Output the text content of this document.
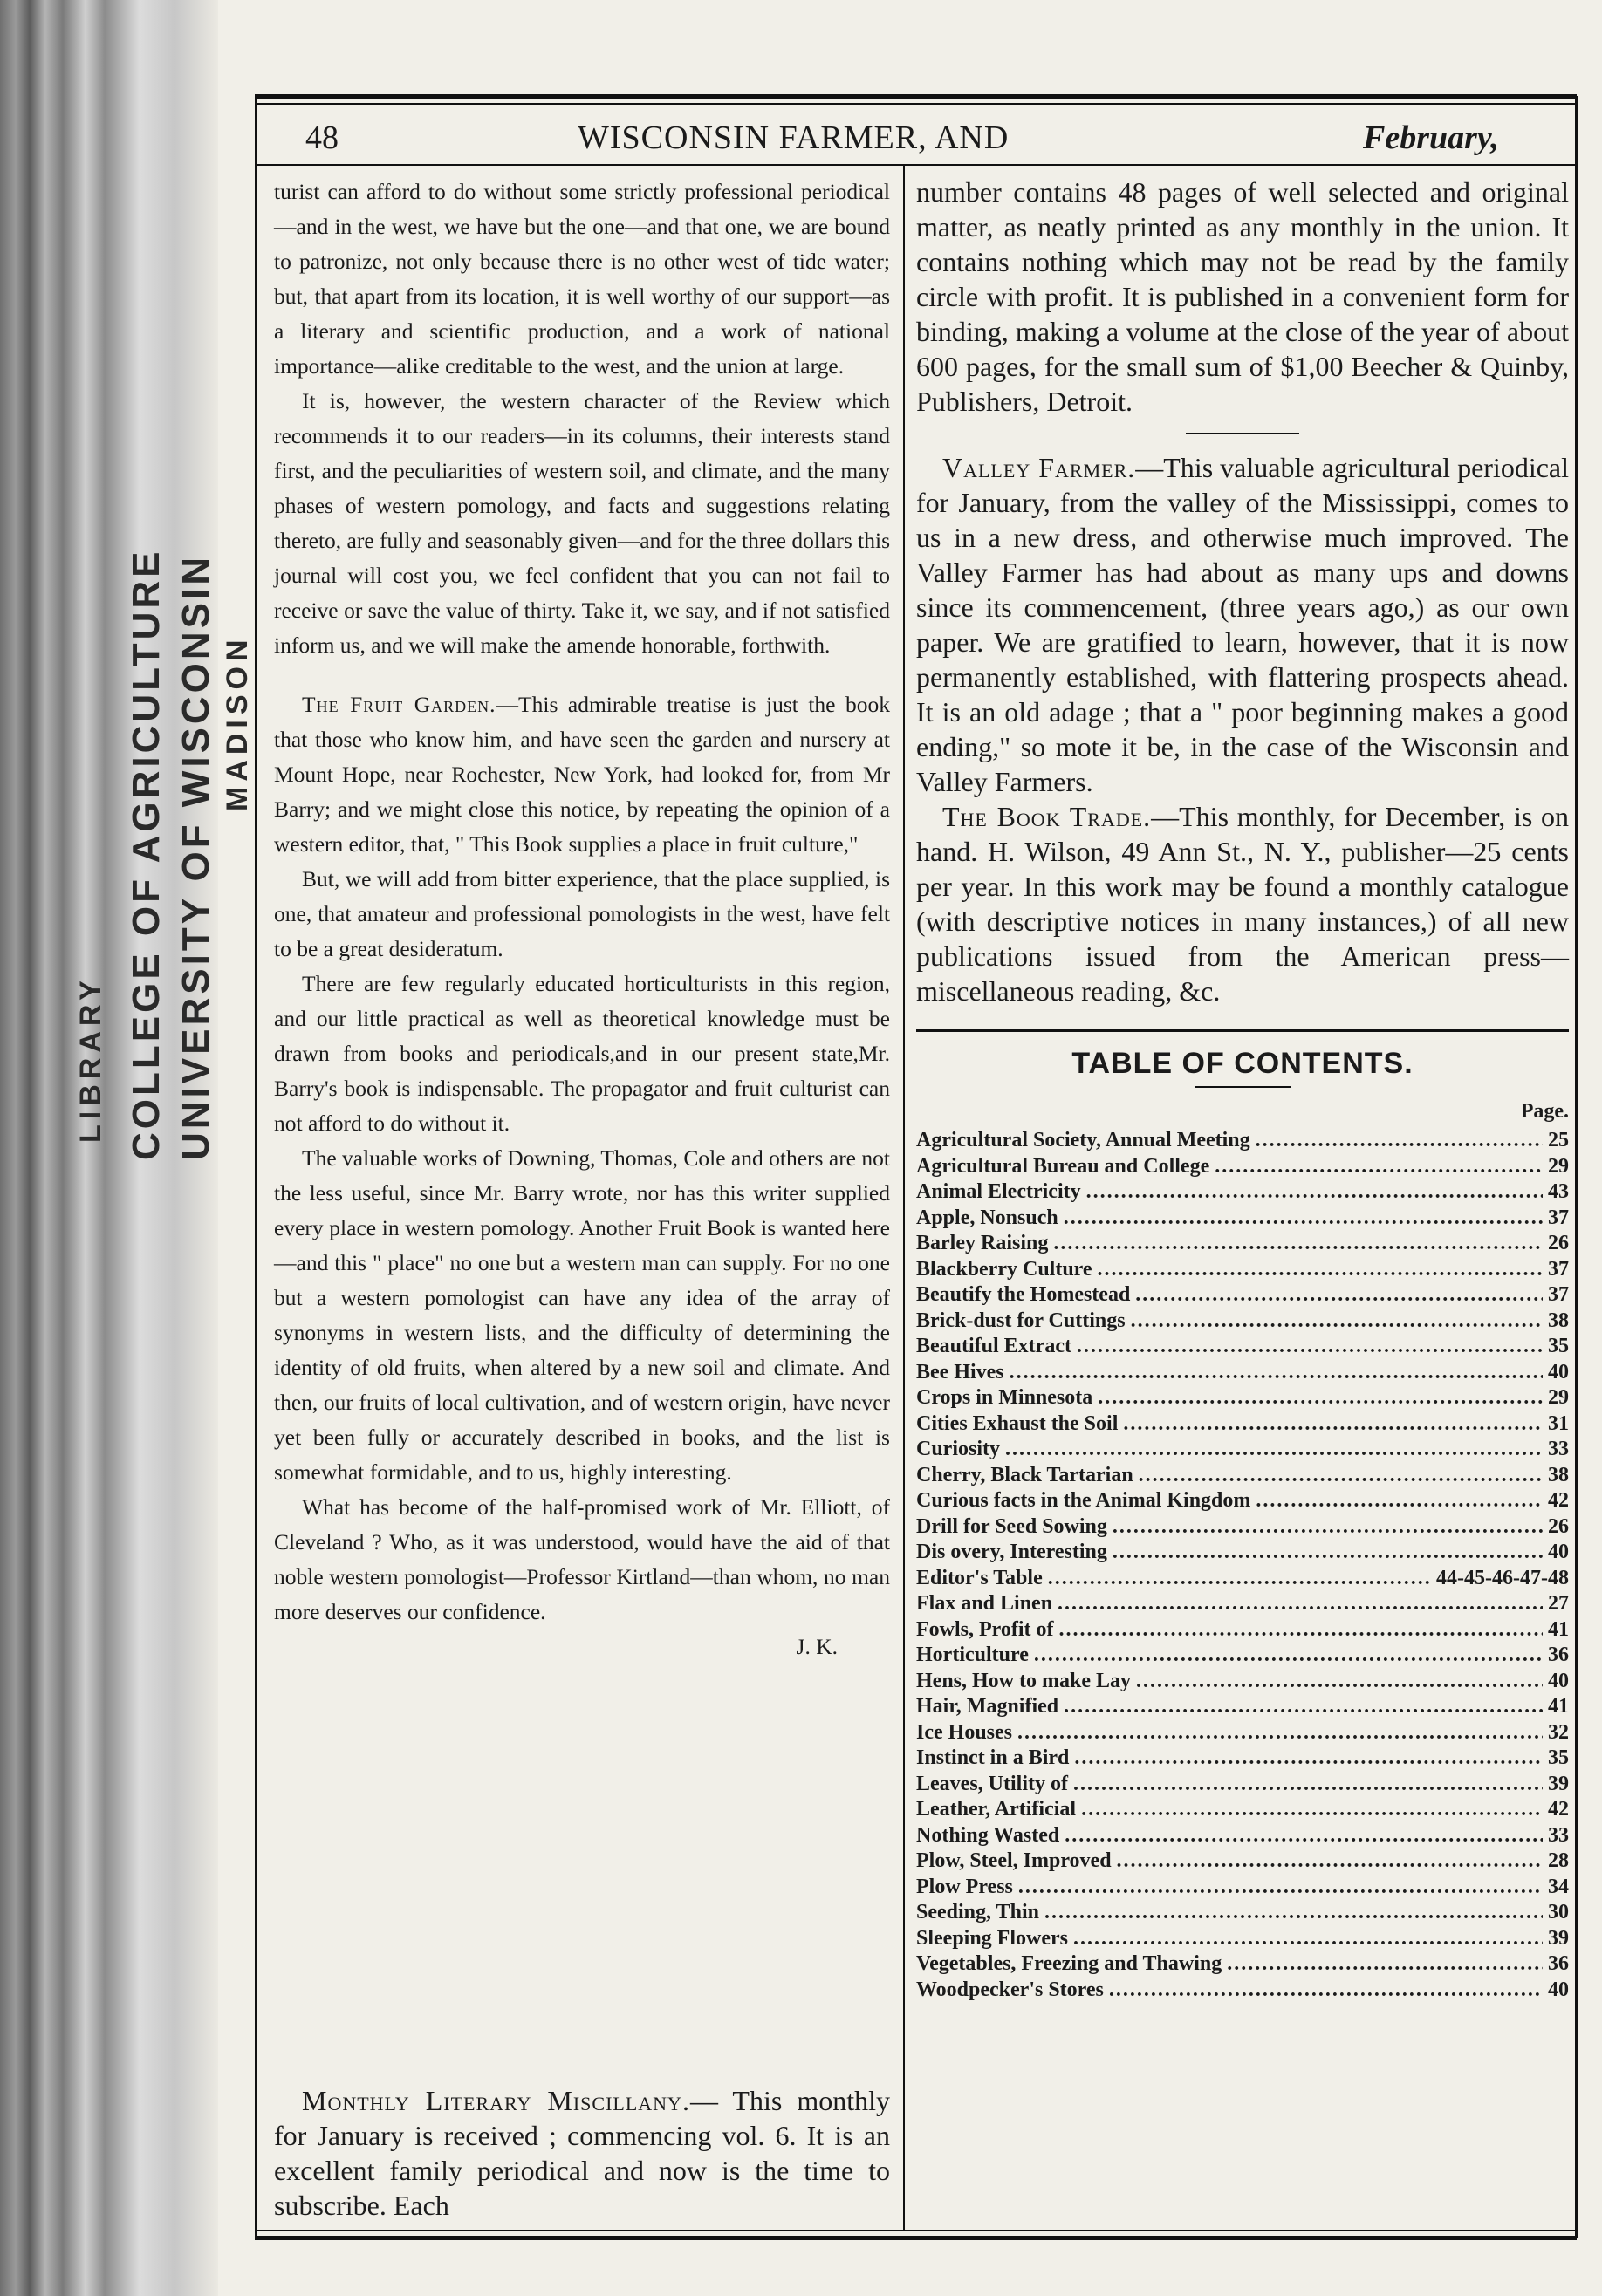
LIBRARY COLLEGE OF AGRICULTURE UNIVERSITY OF WISCONSIN MADISON
48	WISCONSIN FARMER, AND	February,

turist can afford to do without some strictly professional periodical—and in the west, we have but the one—and that one, we are bound to patronize, not only because there is no other west of tide water; but, that apart from its location, it is well worthy of our support—as a literary and scientific production, and a work of national importance—alike creditable to the west, and the union at large.

It is, however, the western character of the Review which recommends it to our readers—in its columns, their interests stand first, and the peculiarities of western soil, and climate, and the many phases of western pomology, and facts and suggestions relating thereto, are fully and seasonably given—and for the three dollars this journal will cost you, we feel confident that you can not fail to receive or save the value of thirty. Take it, we say, and if not satisfied inform us, and we will make the amende honorable, forthwith.

The Fruit Garden.—This admirable treatise is just the book that those who know him, and have seen the garden and nursery at Mount Hope, near Rochester, New York, had looked for, from Mr Barry; and we might close this notice, by repeating the opinion of a western editor, that, " This Book supplies a place in fruit culture,"

But, we will add from bitter experience, that the place supplied, is one, that amateur and professional pomologists in the west, have felt to be a great desideratum.

There are few regularly educated horticulturists in this region, and our little practical as well as theoretical knowledge must be drawn from books and periodicals,and in our present state,Mr. Barry's book is indispensable. The propagator and fruit culturist can not afford to do without it.

The valuable works of Downing, Thomas, Cole and others are not the less useful, since Mr. Barry wrote, nor has this writer supplied every place in western pomology. Another Fruit Book is wanted here—and this " place" no one but a western man can supply. For no one but a western pomologist can have any idea of the array of synonyms in western lists, and the difficulty of determining the identity of old fruits, when altered by a new soil and climate. And then, our fruits of local cultivation, and of western origin, have never yet been fully or accurately described in books, and the list is somewhat formidable, and to us, highly interesting.

What has become of the half-promised work of Mr. Elliott, of Cleveland ? Who, as it was understood, would have the aid of that noble western pomologist—Professor Kirtland—than whom, no man more deserves our confidence.

J. K.

Monthly Literary Miscillany.— This monthly for January is received ; commencing vol. 6. It is an excellent family periodical and now is the time to subscribe. Each

number contains 48 pages of well selected and original matter, as neatly printed as any monthly in the union. It contains nothing which may not be read by the family circle with profit. It is published in a convenient form for binding, making a volume at the close of the year of about 600 pages, for the small sum of $1,00 Beecher & Quinby, Publishers, Detroit.

Valley Farmer.—This valuable agricultural periodical for January, from the valley of the Mississippi, comes to us in a new dress, and otherwise much improved. The Valley Farmer has had about as many ups and downs since its commencement, (three years ago,) as our own paper. We are gratified to learn, however, that it is now permanently established, with flattering prospects ahead. It is an old adage ; that a " poor beginning makes a good ending," so mote it be, in the case of the Wisconsin and Valley Farmers.

The Book Trade.—This monthly, for December, is on hand. H. Wilson, 49 Ann St., N. Y., publisher—25 cents per year. In this work may be found a monthly catalogue (with descriptive notices in many instances,) of all new publications issued from the American press—miscellaneous reading, &c.

TABLE OF CONTENTS.
Page.
Agricultural Society, Annual Meeting .....	25
Agricultural Bureau and College .....	29
Animal Electricity .....	43
Apple, Nonsuch .....	37
Barley Raising .....	26
Blackberry Culture .....	37
Beautify the Homestead .....	37
Brick-dust for Cuttings .....	38
Beautiful Extract .....	35
Bee Hives .....	40
Crops in Minnesota .....	29
Cities Exhaust the Soil .....	31
Curiosity .....	33
Cherry, Black Tartarian .....	38
Curious facts in the Animal Kingdom .....	42
Drill for Seed Sowing .....	26
Dis overy, Interesting .....	40
Editor's Table .....	44-45-46-47-48
Flax and Linen .....	27
Fowls, Profit of .....	41
Horticulture .....	36
Hens, How to make Lay .....	40
Hair, Magnified .....	41
Ice Houses .....	32
Instinct in a Bird .....	35
Leaves, Utility of .....	39
Leather, Artificial .....	42
Nothing Wasted .....	33
Plow, Steel, Improved .....	28
Plow Press .....	34
Seeding, Thin .....	30
Sleeping Flowers .....	39
Vegetables, Freezing and Thawing .....	36
Woodpecker's Stores .....	40
